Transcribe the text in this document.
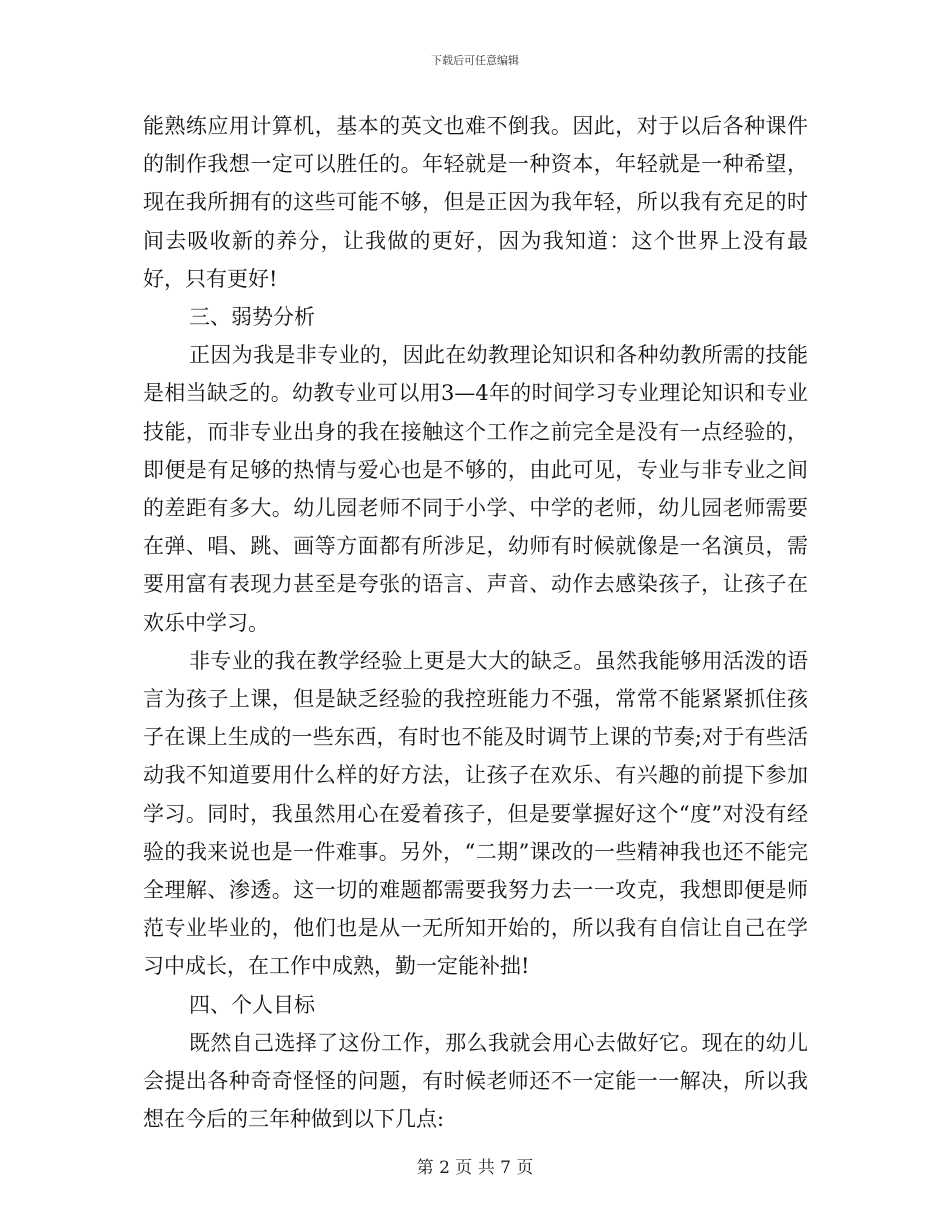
下载后可任意编辑

能熟练应用计算机，基本的英文也难不倒我。因此，对于以后各种课件的制作我想一定可以胜任的。年轻就是一种资本，年轻就是一种希望，现在我所拥有的这些可能不够，但是正因为我年轻，所以我有充足的时间去吸收新的养分，让我做的更好，因为我知道：这个世界上没有最好，只有更好!

三、弱势分析

正因为我是非专业的，因此在幼教理论知识和各种幼教所需的技能是相当缺乏的。幼教专业可以用3—4年的时间学习专业理论知识和专业技能，而非专业出身的我在接触这个工作之前完全是没有一点经验的，即便是有足够的热情与爱心也是不够的，由此可见，专业与非专业之间的差距有多大。幼儿园老师不同于小学、中学的老师，幼儿园老师需要在弹、唱、跳、画等方面都有所涉足，幼师有时候就像是一名演员，需要用富有表现力甚至是夸张的语言、声音、动作去感染孩子，让孩子在欢乐中学习。

非专业的我在教学经验上更是大大的缺乏。虽然我能够用活泼的语言为孩子上课，但是缺乏经验的我控班能力不强，常常不能紧紧抓住孩子在课上生成的一些东西，有时也不能及时调节上课的节奏;对于有些活动我不知道要用什么样的好方法，让孩子在欢乐、有兴趣的前提下参加学习。同时，我虽然用心在爱着孩子，但是要掌握好这个“度”对没有经验的我来说也是一件难事。另外，“二期”课改的一些精神我也还不能完全理解、渗透。这一切的难题都需要我努力去一一攻克，我想即便是师范专业毕业的，他们也是从一无所知开始的，所以我有自信让自己在学习中成长，在工作中成熟，勤一定能补拙!

四、个人目标

既然自己选择了这份工作，那么我就会用心去做好它。现在的幼儿会提出各种奇奇怪怪的问题，有时候老师还不一定能一一解决，所以我想在今后的三年种做到以下几点:

第 2 页 共 7 页
